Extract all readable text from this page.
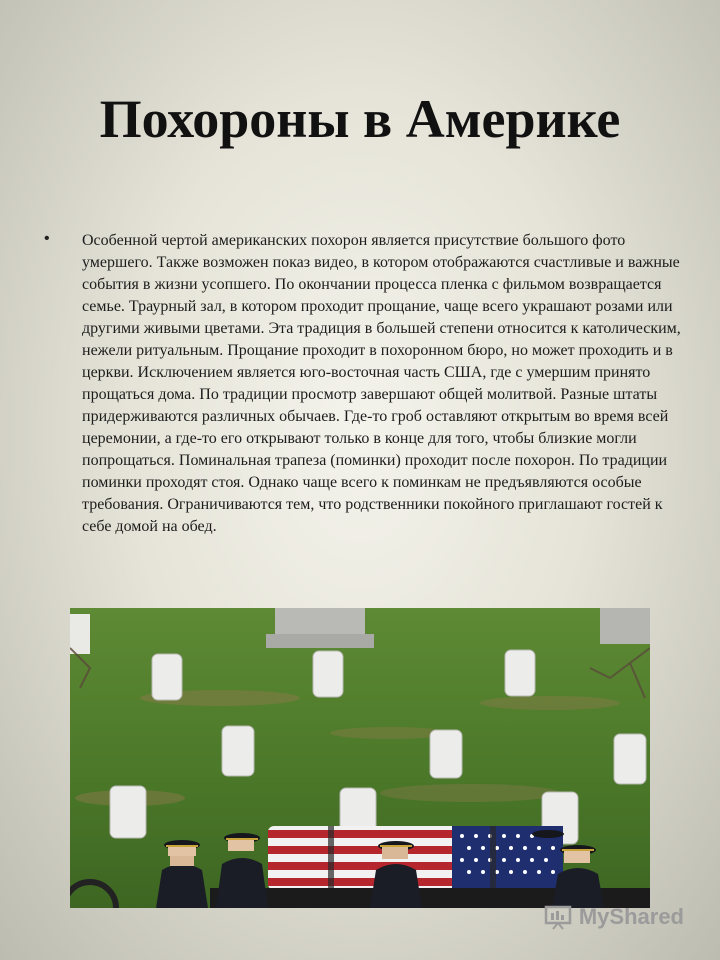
Похороны в Америке
• Особенной чертой американских похорон является присутствие большого фото умершего. Также возможен показ видео, в котором отображаются счастливые и важные события в жизни усопшего. По окончании процесса пленка с фильмом возвращается семье. Траурный зал, в котором проходит прощание, чаще всего украшают розами или другими живыми цветами. Эта традиция в большей степени относится к католическим, нежели ритуальным. Прощание проходит в похоронном бюро, но может проходить и в церкви. Исключением является юго-восточная часть США, где с умершим принято прощаться дома. По традиции просмотр завершают общей молитвой. Разные штаты придерживаются различных обычаев. Где-то гроб оставляют открытым во время всей церемонии, а где-то его открывают только в конце для того, чтобы близкие могли попрощаться. Поминальная трапеза (поминки) проходит после похорон. По традиции поминки проходят стоя. Однако чаще всего к поминкам не предъявляются особые требования. Ограничиваются тем, что родственники покойного приглашают гостей к себе домой на обед.

MyShared
